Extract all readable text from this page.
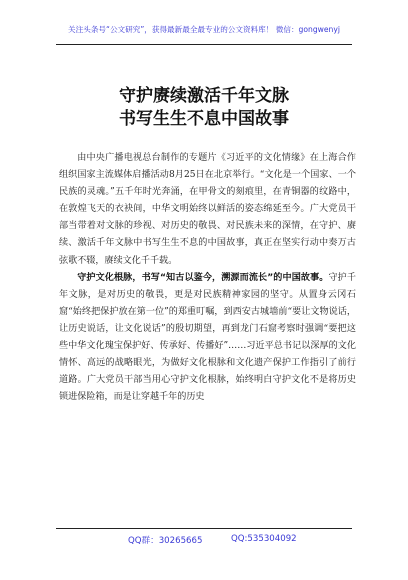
关注头条号“公文研究”，获得最新最全最专业的公文资料库！ 微信：gongwenyj
守护赓续激活千年文脉
书写生生不息中国故事

由中央广播电视总台制作的专题片《习近平的文化情缘》在上海合作组织国家主流媒体启播活动8月25日在北京举行。“文化是一个国家、一个民族的灵魂。”五千年时光奔涌，在甲骨文的刻痕里，在青铜器的纹路中，在敦煌飞天的衣袂间，中华文明始终以鲜活的姿态绵延至今。广大党员干部当带着对文脉的珍视、对历史的敬畏、对民族未来的深情，在守护、赓续、激活千年文脉中书写生生不息的中国故事，真正在坚实行动中奏万古弦歌不辍，赓续文化千千载。

守护文化根脉，书写“知古以鉴今，溯源而流长”的中国故事。守护千年文脉，是对历史的敬畏，更是对民族精神家园的坚守。从置身云冈石窟“始终把保护放在第一位”的郑重叮嘱，到西安古城墙前“要让文物说话，让历史说话，让文化说话”的殷切期望，再到龙门石窟考察时强调“要把这些中华文化瑰宝保护好、传承好、传播好”……习近平总书记以深厚的文化情怀、高远的战略眼光，为做好文化根脉和文化遗产保护工作指引了前行道路。广大党员干部当用心守护文化根脉，始终明白守护文化不是将历史锁进保险箱，而是让穿越千年的历史

QQ群：30265665	QQ:535304092
